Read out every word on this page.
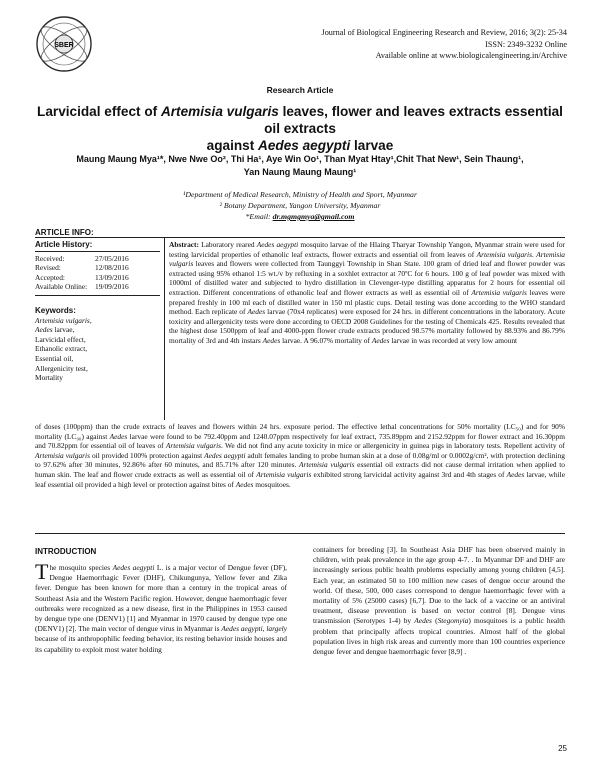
SBER
Journal of Biological Engineering Research and Review, 2016; 3(2): 25-34
ISSN: 2349-3232 Online
Available online at www.biologicalengineering.in/Archive
Research Article
Larvicidal effect of Artemisia vulgaris leaves, flower and leaves extracts essential oil extracts
against Aedes aegypti larvae
Maung Maung Mya¹*, Nwe Nwe Oo², Thi Ha¹, Aye Win Oo¹, Than Myat Htay¹,Chit That New¹, Sein Thaung¹,
Yan Naung Maung Maung¹
¹Department of Medical Research, Ministry of Health and Sport, Myanmar
² Botany Department, Yangon University, Myanmar
*Email: dr.mgmgmya@gmail.com
ARTICLE INFO:
Article History:
Received:	27/05/2016
Revised:	12/08/2016
Accepted:	13/09/2016
Available Online:	19/09/2016
Keywords:
Artemisia vulgaris,
Aedes larvae,
Larvicidal effect,
Ethanolic extract,
Essential oil,
Allergenicity test,
Mortality
Abstract: Laboratory reared Aedes aegypti mosquito larvae of the Hlaing Tharyar Township Yangon, Myanmar strain were used for testing larvicidal properties of ethanolic leaf extracts, flower extracts and essential oil from leaves of Artemisia vulgaris. Artemisia vulgaris leaves and flowers were collected from Taunggyi Township in Shan State. 100 gram of dried leaf and flower powder was extracted using 95% ethanol 1:5 wt./v by refluxing in a soxhlet extractor at 70ºC for 6 hours. 100 g of leaf powder was mixed with 1000ml of distilled water and subjected to hydro distillation in Clevenger-type distilling apparatus for 2 hours for essential oil extraction. Different concentrations of ethanolic leaf and flower extracts as well as essential oil of Artemisia vulgaris leaves were prepared freshly in 100 ml each of distilled water in 150 ml plastic cups. Detail testing was done according to the WHO standard method. Each replicate of Aedes larvae (70x4 replicates) were exposed for 24 hrs. in different concentrations in the laboratory. Acute toxicity and allergenicity tests were done according to OECD 2008 Guidelines for the testing of Chemicals 425. Results revealed that the highest dose 1500ppm of leaf and 4000-ppm flower crude extracts produced 98.57% mortality followed by 88.93% and 86.79% mortality of 3rd and 4th instars Aedes larvae. A 96.07% mortality of Aedes larvae in was recorded at very low amount
of doses (100ppm) than the crude extracts of leaves and flowers within 24 hrs. exposure period. The effective lethal concentrations for 50% mortality (LC₅₀) and for 90% mortality (LC₉₀) against Aedes larvae were found to be 792.40ppm and 1240.07ppm respectively for leaf extract, 735.89ppm and 2152.92ppm for flower extract and 16.30ppm and 70.82ppm for essential oil of leaves of Artemisia vulgaris. We did not find any acute toxicity in mice or allergenicity in guinea pigs in laboratory tests. Repellent activity of Artemisia vulgaris oil provided 100% protection against Aedes aegypti adult females landing to probe human skin at a dose of 0.08g/ml or 0.0002g/cm², with protection declining to 97.62% after 30 minutes, 92.86% after 60 minutes, and 85.71% after 120 minutes. Artemisia vulgaris essential oil extracts did not cause dermal irritation when applied to human skin. The leaf and flower crude extracts as well as essential oil of Artemisia vulgaris exhibited strong larvicidal activity against 3rd and 4th stages of Aedes larvae, while leaf essential oil provided a high level or protection against bites of Aedes mosquitoes.
INTRODUCTION
The mosquito species Aedes aegypti L. is a major vector of Dengue fever (DF), Dengue Haemorrhagic Fever (DHF), Chikungunya, Yellow fever and Zika fever. Dengue has been known for more than a century in the tropical areas of Southeast Asia and the Western Pacific region. However, dengue haemorrhagic fever outbreaks were recognized as a new disease, first in the Philippines in 1953 caused by dengue type one (DENV1) [1] and Myanmar in 1970 caused by dengue type one (DENV1) [2]. The main vector of dengue virus in Myanmar is Aedes aegypti, largely because of its anthropophilic feeding behavior, its resting behavior inside houses and its capability to exploit most water holding
containers for breeding [3]. In Southeast Asia DHF has been observed mainly in children, with peak prevalence in the age group 4-7. . In Myanmar DF and DHF are increasingly serious public health problems especially among young children [4,5]. Each year, an estimated 50 to 100 million new cases of dengue occur around the world. Of these, 500, 000 cases correspond to dengue haemorrhagic fever with a mortality of 5% (25000 cases) [6,7]. Due to the lack of a vaccine or an antiviral treatment, disease prevention is based on vector control [8]. Dengue virus transmission (Serotypes 1-4) by Aedes (Stegomyia) mosquitoes is a public health problem that principally affects tropical countries. Almost half of the global population lives in high risk areas and currently more than 100 countries experience dengue fever and dengue haemorrhagic fever [8,9] .
25
